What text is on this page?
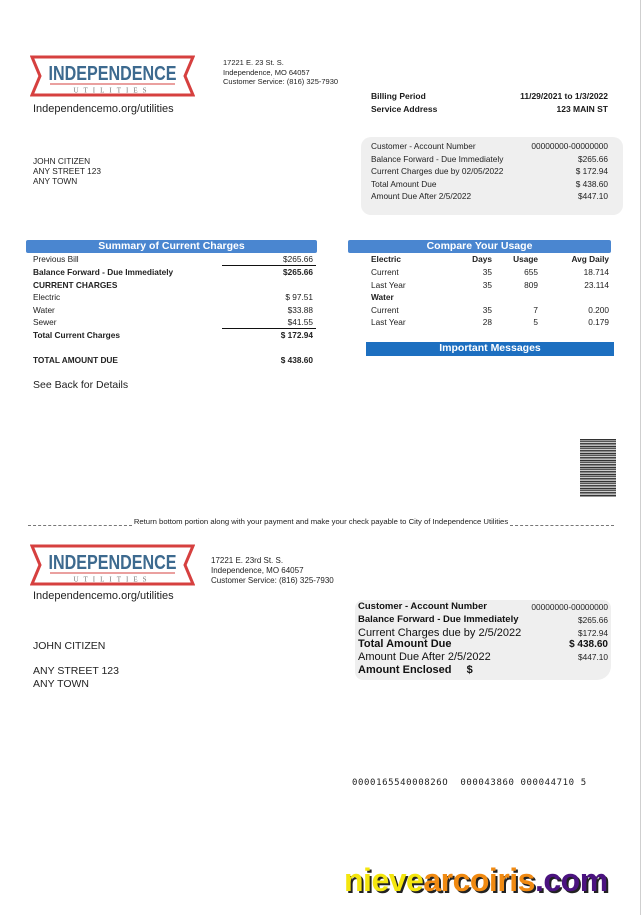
INDEPENDENCE
UTILITIES
17221 E. 23 St. S.
Independence, MO 64057
Customer Service: (816) 325-7930
Independencemo.org/utilities
Billing Period	11/29/2021 to 1/3/2022
Service Address	123 MAIN ST
Customer - Account Number	00000000-00000000
Balance Forward - Due Immediately	$265.66
Current Charges due by 02/05/2022	$ 172.94
Total Amount Due	$ 438.60
Amount Due After 2/5/2022	$447.10
JOHN CITIZEN
ANY STREET 123
ANY TOWN
Summary of Current Charges
Previous Bill	$265.66
Balance Forward - Due Immediately	$265.66
CURRENT CHARGES
Electric	$ 97.51
Water	$33.88
Sewer	$41.55
Total Current Charges	$ 172.94
TOTAL AMOUNT DUE	$ 438.60
See Back for Details
Compare Your Usage
Electric	Days	Usage	Avg Daily
Current	35	655	18.714
Last Year	35	809	23.114
Water
Current	35	7	0.200
Last Year	28	5	0.179
Important Messages
Return bottom portion along with your payment and make your check payable to City of Independence Utilities
INDEPENDENCE
UTILITIES
17221 E. 23rd St. S.
Independence, MO 64057
Customer Service: (816) 325-7930
Independencemo.org/utilities
Customer - Account Number	00000000-00000000
Balance Forward - Due Immediately	$265.66
Current Charges due by 2/5/2022	$172.94
Total Amount Due	$ 438.60
Amount Due After 2/5/2022	$447.10
Amount Enclosed $
JOHN CITIZEN
ANY STREET 123
ANY TOWN
000016554000826O  000043860 000044710 5
nievearcoiris.com
